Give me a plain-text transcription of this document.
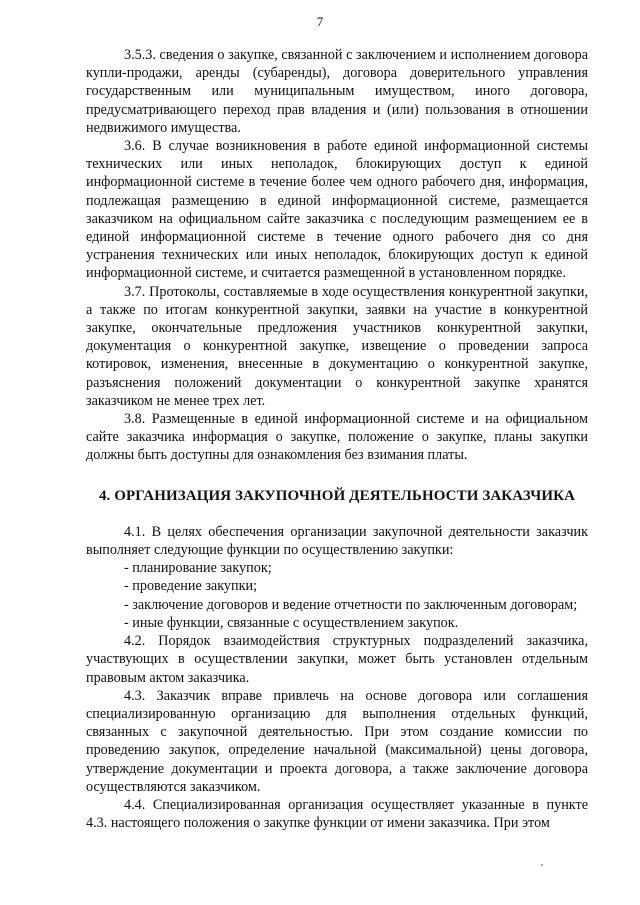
7

3.5.3. сведения о закупке, связанной с заключением и исполнением договора купли-продажи, аренды (субаренды), договора доверительного управления государственным или муниципальным имуществом, иного договора, предусматривающего переход прав владения и (или) пользования в отношении недвижимого имущества.

3.6. В случае возникновения в работе единой информационной системы технических или иных неполадок, блокирующих доступ к единой информационной системе в течение более чем одного рабочего дня, информация, подлежащая размещению в единой информационной системе, размещается заказчиком на официальном сайте заказчика с последующим размещением ее в единой информационной системе в течение одного рабочего дня со дня устранения технических или иных неполадок, блокирующих доступ к единой информационной системе, и считается размещенной в установленном порядке.

3.7. Протоколы, составляемые в ходе осуществления конкурентной закупки, а также по итогам конкурентной закупки, заявки на участие в конкурентной закупке, окончательные предложения участников конкурентной закупки, документация о конкурентной закупке, извещение о проведении запроса котировок, изменения, внесенные в документацию о конкурентной закупке, разъяснения положений документации о конкурентной закупке хранятся заказчиком не менее трех лет.

3.8. Размещенные в единой информационной системе и на официальном сайте заказчика информация о закупке, положение о закупке, планы закупки должны быть доступны для ознакомления без взимания платы.

4. ОРГАНИЗАЦИЯ ЗАКУПОЧНОЙ ДЕЯТЕЛЬНОСТИ ЗАКАЗЧИКА

4.1. В целях обеспечения организации закупочной деятельности заказчик выполняет следующие функции по осуществлению закупки:

- планирование закупок;

- проведение закупки;

- заключение договоров и ведение отчетности по заключенным договорам;

- иные функции, связанные с осуществлением закупок.

4.2. Порядок взаимодействия структурных подразделений заказчика, участвующих в осуществлении закупки, может быть установлен отдельным правовым актом заказчика.

4.3. Заказчик вправе привлечь на основе договора или соглашения специализированную организацию для выполнения отдельных функций, связанных с закупочной деятельностью. При этом создание комиссии по проведению закупок, определение начальной (максимальной) цены договора, утверждение документации и проекта договора, а также заключение договора осуществляются заказчиком.

4.4. Специализированная организация осуществляет указанные в пункте 4.3. настоящего положения о закупке функции от имени заказчика. При этом
